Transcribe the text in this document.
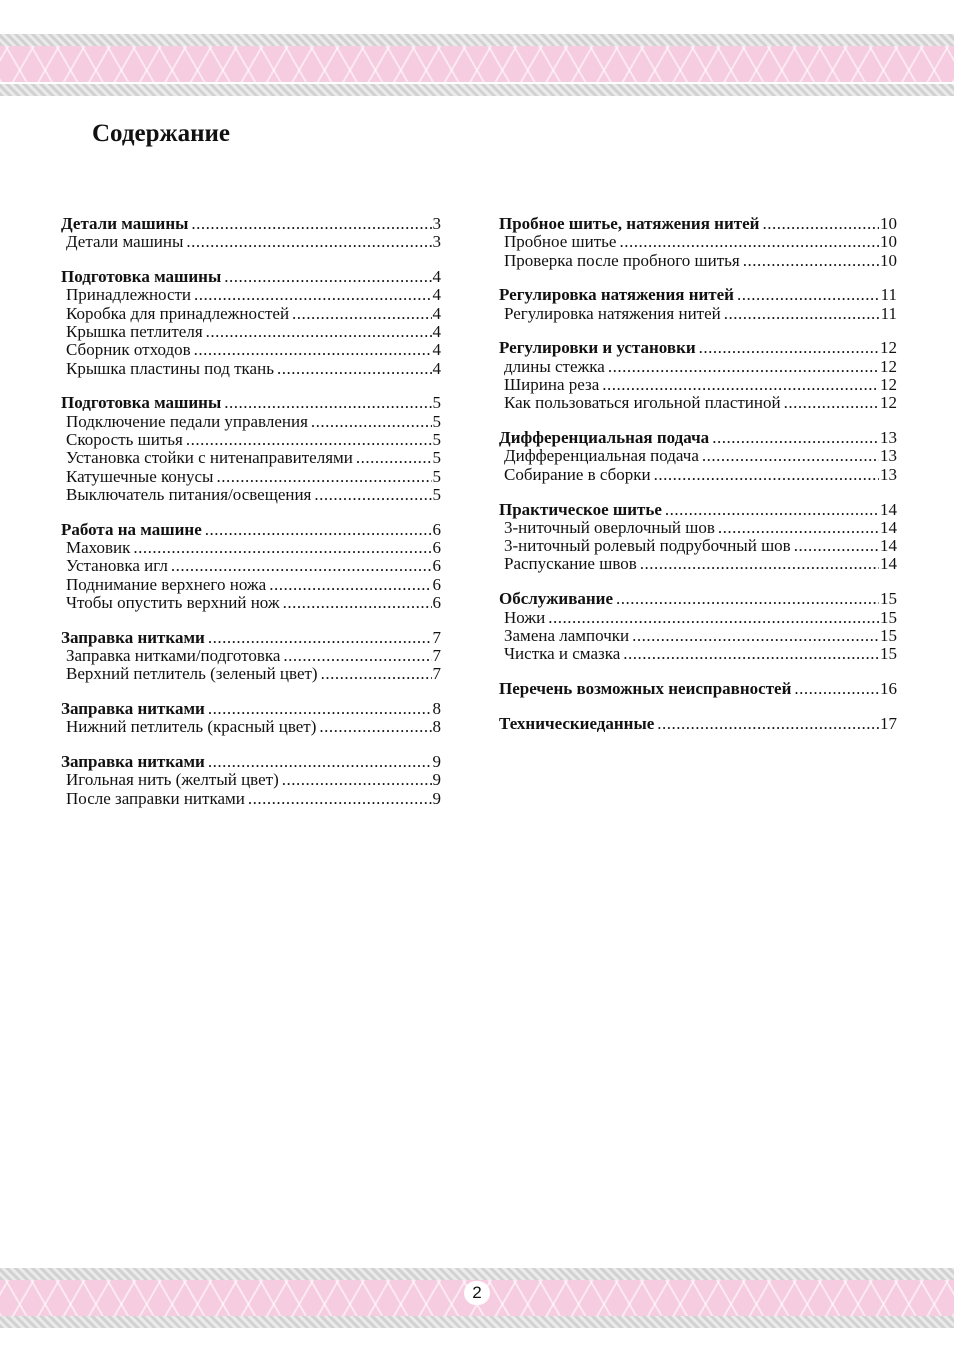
Содержание
Детали машины .....	3
Детали машины .....	3
Подготовка машины .....	4
Принадлежности .....	4
Коробка для принадлежностей .....	4
Крышка петлителя .....	4
Сборник отходов .....	4
Крышка пластины под ткань .....	4
Подготовка машины .....	5
Подключение педали управления .....	5
Скорость шитья .....	5
Установка стойки с нитенаправителями .....	5
Катушечные конусы .....	5
Выключатель питания/освещения .....	5
Работа на машине .....	6
Маховик .....	6
Установка игл .....	6
Поднимание верхнего ножа .....	6
Чтобы опустить верхний нож .....	6
Заправка нитками .....	7
Заправка нитками/подготовка .....	7
Верхний петлитель (зеленый цвет) .....	7
Заправка нитками .....	8
Нижний петлитель (красный цвет) .....	8
Заправка нитками .....	9
Игольная нить (желтый цвет) .....	9
После заправки нитками .....	9
Пробное шитье, натяжения нитей .....	10
Пробное шитье .....	10
Проверка после пробного шитья .....	10
Регулировка натяжения нитей .....	11
Регулировка натяжения нитей .....	11
Регулировки и установки .....	12
длины стежка .....	12
Ширина реза .....	12
Как пользоваться игольной пластиной .....	12
Дифференциальная подача .....	13
Дифференциальная подача .....	13
Собирание в сборки .....	13
Практическое шитье .....	14
3-ниточный оверлочный шов .....	14
3-ниточный ролевый подрубочный шов .....	14
Распускание швов .....	14
Обслуживание .....	15
Ножи .....	15
Замена лампочки .....	15
Чистка и смазка .....	15
Перечень возможных неисправностей .....	16
Техническиеданные .....	17
2
